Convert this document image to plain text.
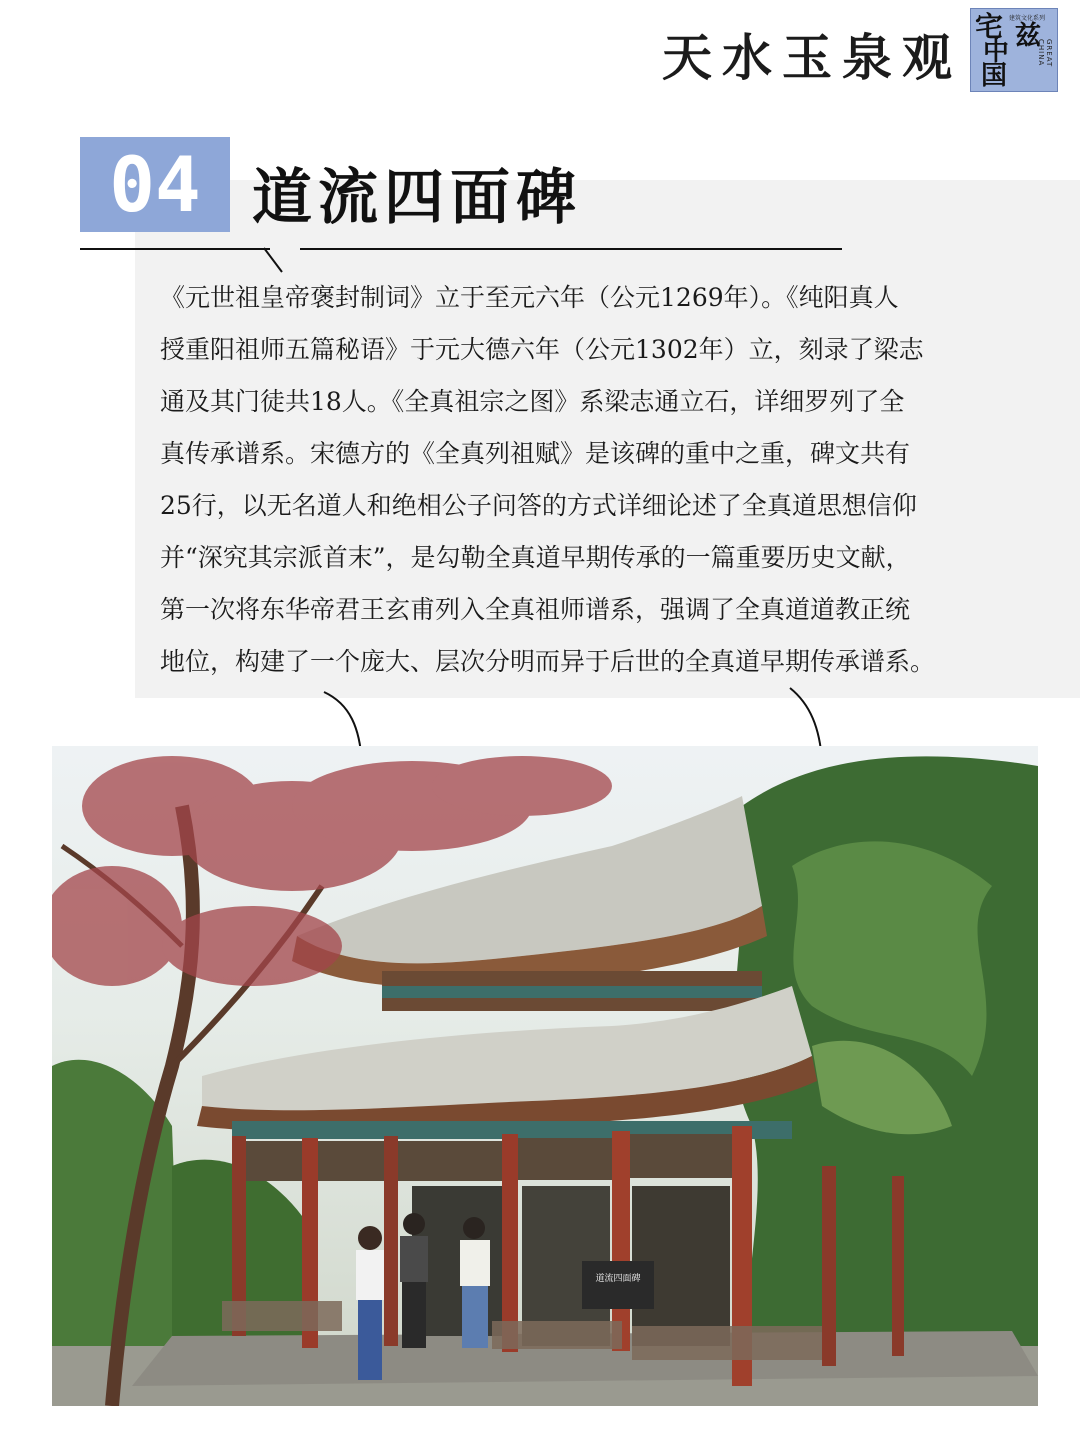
天水玉泉观
宅 建筑文化系列
兹
中
国
GREAT CHINA
04 道流四面碑
《元世祖皇帝褒封制词》立于至元六年（公元1269年）。《纯阳真人
授重阳祖师五篇秘语》于元大德六年（公元1302年）立，刻录了梁志
通及其门徒共18人。《全真祖宗之图》系梁志通立石，详细罗列了全
真传承谱系。宋德方的《全真列祖赋》是该碑的重中之重，碑文共有
25行，以无名道人和绝相公子问答的方式详细论述了全真道思想信仰
并“深究其宗派首末”，是勾勒全真道早期传承的一篇重要历史文献，
第一次将东华帝君王玄甫列入全真祖师谱系，强调了全真道道教正统
地位，构建了一个庞大、层次分明而异于后世的全真道早期传承谱系。
道流四面碑
